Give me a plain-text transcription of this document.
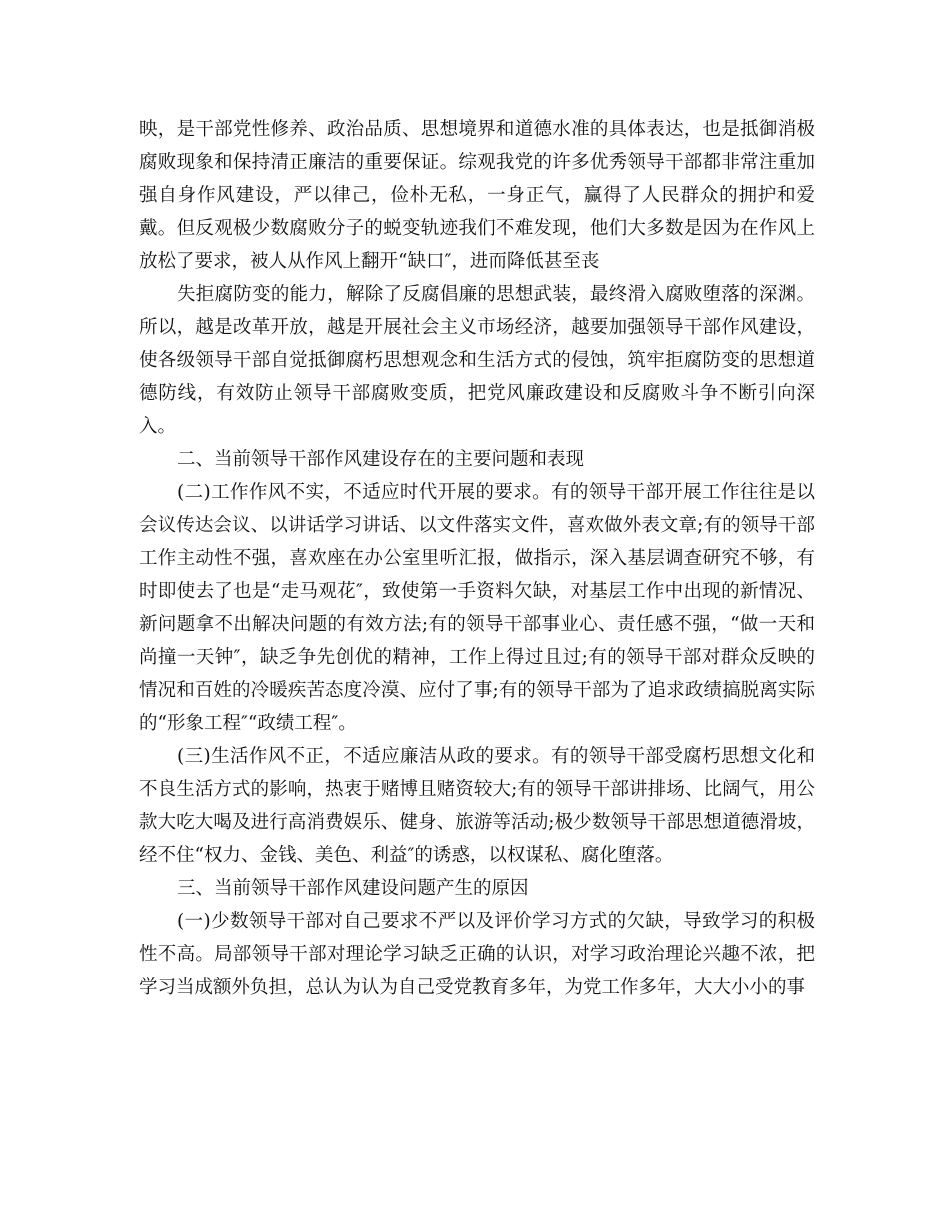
映，是干部党性修养、政治品质、思想境界和道德水准的具体表达，也是抵御消极腐败现象和保持清正廉洁的重要保证。综观我党的许多优秀领导干部都非常注重加强自身作风建设，严以律己，俭朴无私，一身正气，赢得了人民群众的拥护和爱戴。但反观极少数腐败分子的蜕变轨迹我们不难发现，他们大多数是因为在作风上放松了要求，被人从作风上翻开“缺口″，进而降低甚至丧

失拒腐防变的能力，解除了反腐倡廉的思想武装，最终滑入腐败堕落的深渊。所以，越是改革开放，越是开展社会主义市场经济，越要加强领导干部作风建设，使各级领导干部自觉抵御腐朽思想观念和生活方式的侵蚀，筑牢拒腐防变的思想道德防线，有效防止领导干部腐败变质，把党风廉政建设和反腐败斗争不断引向深入。

二、当前领导干部作风建设存在的主要问题和表现

(二)工作作风不实，不适应时代开展的要求。有的领导干部开展工作往往是以会议传达会议、以讲话学习讲话、以文件落实文件，喜欢做外表文章;有的领导干部工作主动性不强，喜欢座在办公室里听汇报，做指示，深入基层调查研究不够，有时即使去了也是“走马观花″，致使第一手资料欠缺，对基层工作中出现的新情况、新问题拿不出解决问题的有效方法;有的领导干部事业心、责任感不强，“做一天和尚撞一天钟″，缺乏争先创优的精神，工作上得过且过;有的领导干部对群众反映的情况和百姓的冷暖疾苦态度冷漠、应付了事;有的领导干部为了追求政绩搞脱离实际的“形象工程″“政绩工程″。

(三)生活作风不正，不适应廉洁从政的要求。有的领导干部受腐朽思想文化和不良生活方式的影响，热衷于赌博且赌资较大;有的领导干部讲排场、比阔气，用公款大吃大喝及进行高消费娱乐、健身、旅游等活动;极少数领导干部思想道德滑坡，经不住“权力、金钱、美色、利益″的诱惑，以权谋私、腐化堕落。

三、当前领导干部作风建设问题产生的原因

(一)少数领导干部对自己要求不严以及评价学习方式的欠缺，导致学习的积极性不高。局部领导干部对理论学习缺乏正确的认识，对学习政治理论兴趣不浓，把学习当成额外负担，总认为认为自己受党教育多年，为党工作多年，大大小小的事
